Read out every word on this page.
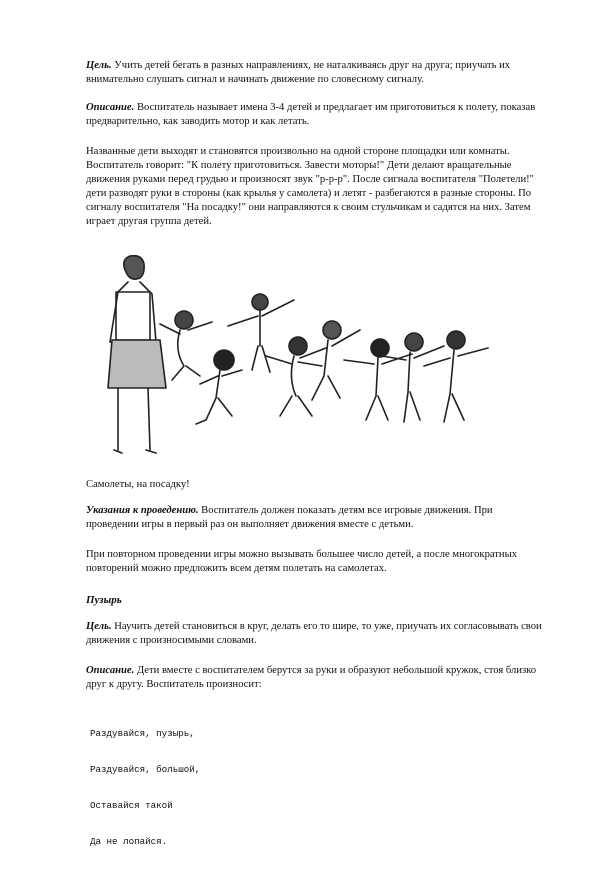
Цель. Учить детей бегать в разных направлениях, не наталкиваясь друг на друга; приучать их внимательно слушать сигнал и начинать движение по словесному сигналу.

Описание. Воспитатель называет имена 3-4 детей и предлагает им приготовиться к полету, показав предварительно, как заводить мотор и как летать.

Названные дети выходят и становятся произвольно на одной стороне площадки или комнаты. Воспитатель говорит: "К полету приготовиться. Завести моторы!" Дети делают вращательные движения руками перед грудью и произносят звук "р-р-р". После сигнала воспитателя "Полетели!" дети разводят руки в стороны (как крылья у самолета) и летят - разбегаются в разные стороны. По сигналу воспитателя "На посадку!" они направляются к своим стульчикам и садятся на них. Затем играет другая группа детей.

Самолеты, на посадку!

Указания к проведению. Воспитатель должен показать детям все игровые движения. При проведении игры в первый раз он выполняет движения вместе с детьми.

При повторном проведении игры можно вызывать большее число детей, а после многократных повторений можно предложить всем детям полетать на самолетах.

Пузырь

Цель. Научить детей становиться в круг, делать его то шире, то уже, приучать их согласовывать свои движения с произносимыми словами.

Описание. Дети вместе с воспитателем берутся за руки и образуют небольшой кружок, стоя близко друг к другу. Воспитатель произносит:

Раздувайся, пузырь,

Раздувайся, большой,

Оставайся такой

Да не лопайся.
